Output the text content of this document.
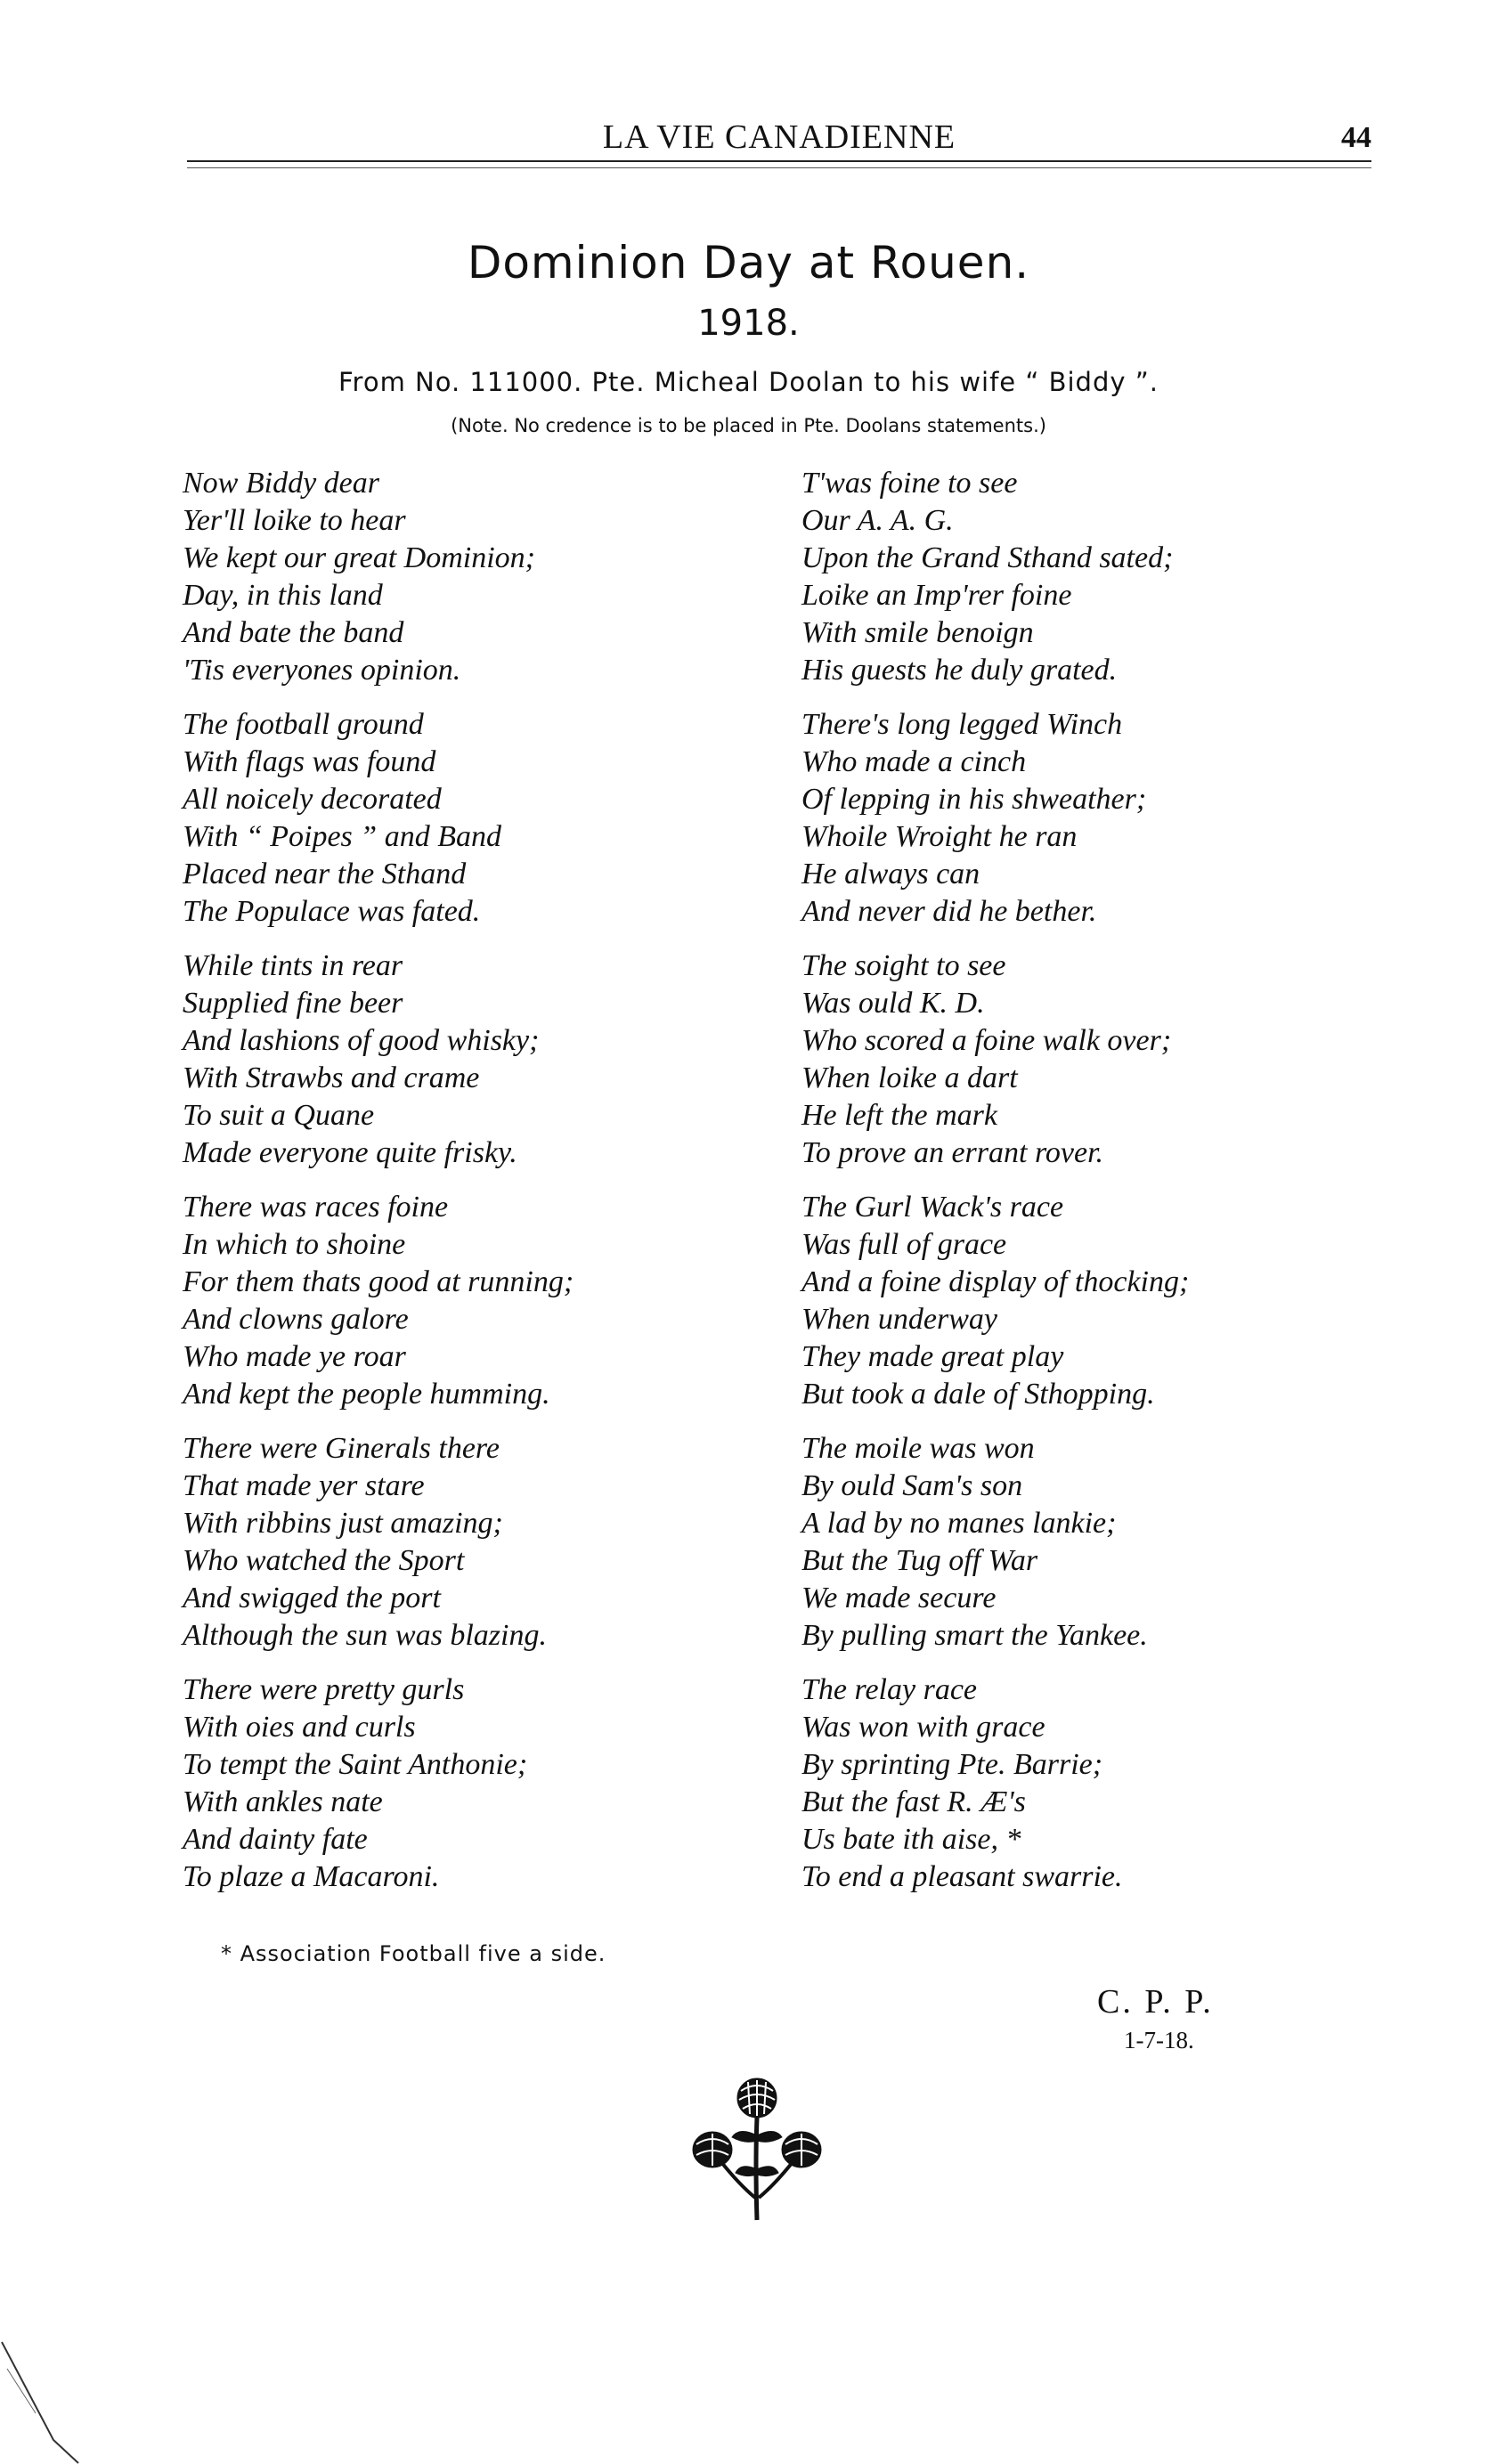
LA VIE CANADIENNE	44
Dominion Day at Rouen.
1918.
From No. 111000. Pte. Micheal Doolan to his wife “ Biddy ”.
(Note. No credence is to be placed in Pte. Doolans statements.)
Now Biddy dear
Yer'll loike to hear
We kept our great Dominion;
Day, in this land
And bate the band
'Tis everyones opinion.
The football ground
With flags was found
All noicely decorated
With “ Poipes ” and Band
Placed near the Sthand
The Populace was fated.
While tints in rear
Supplied fine beer
And lashions of good whisky;
With Strawbs and crame
To suit a Quane
Made everyone quite frisky.
There was races foine
In which to shoine
For them thats good at running;
And clowns galore
Who made ye roar
And kept the people humming.
There were Ginerals there
That made yer stare
With ribbins just amazing;
Who watched the Sport
And swigged the port
Although the sun was blazing.
There were pretty gurls
With oies and curls
To tempt the Saint Anthonie;
With ankles nate
And dainty fate
To plaze a Macaroni.
T'was foine to see
Our A. A. G.
Upon the Grand Sthand sated;
Loike an Imp'rer foine
With smile benoign
His guests he duly grated.
There's long legged Winch
Who made a cinch
Of lepping in his shweather;
Whoile Wroight he ran
He always can
And never did he bether.
The soight to see
Was ould K. D.
Who scored a foine walk over;
When loike a dart
He left the mark
To prove an errant rover.
The Gurl Wack's race
Was full of grace
And a foine display of thocking;
When underway
They made great play
But took a dale of Sthopping.
The moile was won
By ould Sam's son
A lad by no manes lankie;
But the Tug off War
We made secure
By pulling smart the Yankee.
The relay race
Was won with grace
By sprinting Pte. Barrie;
But the fast R. Æ's
Us bate ith aise, *
To end a pleasant swarrie.
* Association Football five a side.
C. P. P.
1-7-18.
